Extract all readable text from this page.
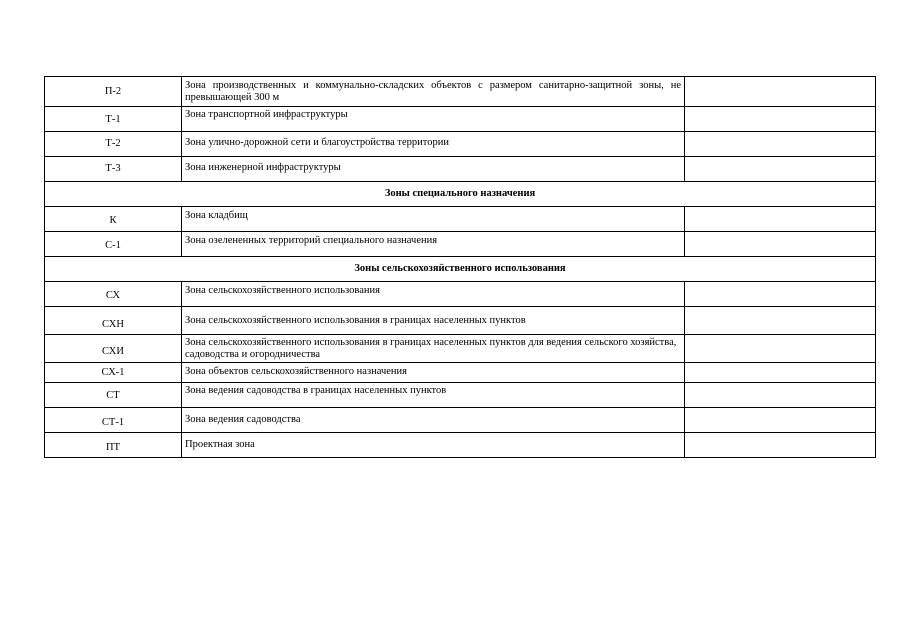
П-2	Зона производственных и коммунально-складских объектов с размером санитарно-защитной зоны, не превышающей 300 м	
Т-1	Зона транспортной инфраструктуры	
Т-2	Зона улично-дорожной сети и благоустройства территории	
Т-3	Зона инженерной инфраструктуры	
Зоны специального назначения		
К	Зона кладбищ	
С-1	Зона озелененных территорий специального назначения	
Зоны сельскохозяйственного использования		
СХ	Зона сельскохозяйственного использования	
СХН	Зона сельскохозяйственного использования в границах населенных пунктов	
СХИ	Зона сельскохозяйственного использования в границах населенных пунктов для ведения сельского хозяйства, садоводства и огородничества	
СХ-1	Зона объектов сельскохозяйственного назначения	
СТ	Зона ведения садоводства в границах населенных пунктов	
СТ-1	Зона ведения садоводства	
ПТ	Проектная зона	
